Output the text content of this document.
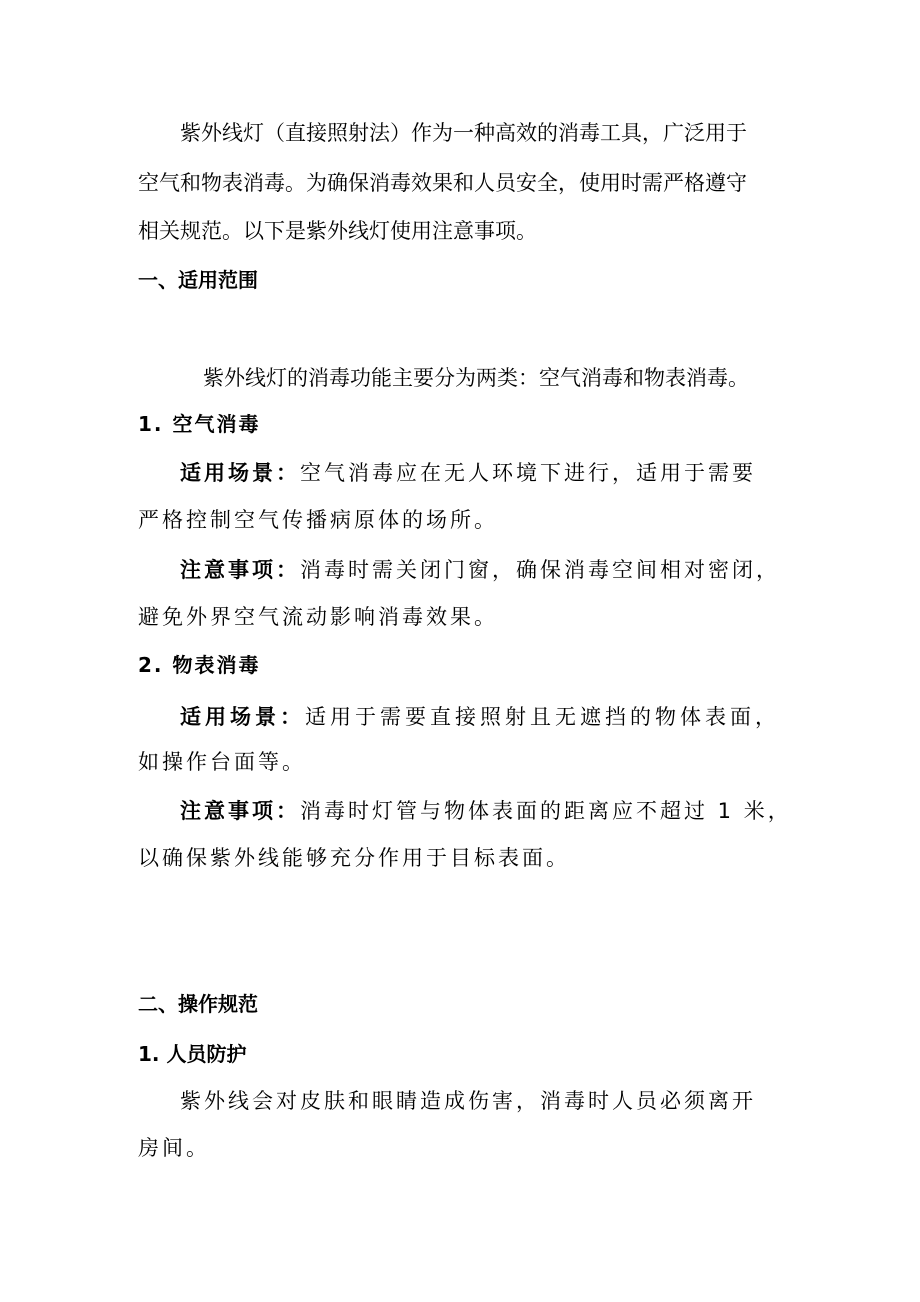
紫外线灯（直接照射法）作为一种高效的消毒工具，广泛用于

空气和物表消毒。为确保消毒效果和人员安全，使用时需严格遵守

相关规范。以下是紫外线灯使用注意事项。

一、适用范围

紫外线灯的消毒功能主要分为两类：空气消毒和物表消毒。

1. 空气消毒

适用场景：空气消毒应在无人环境下进行，适用于需要

严格控制空气传播病原体的场所。

注意事项：消毒时需关闭门窗，确保消毒空间相对密闭，

避免外界空气流动影响消毒效果。

2. 物表消毒

适用场景：适用于需要直接照射且无遮挡的物体表面，

如操作台面等。

注意事项：消毒时灯管与物体表面的距离应不超过 1 米，

以确保紫外线能够充分作用于目标表面。

二、操作规范

1. 人员防护

紫外线会对皮肤和眼睛造成伤害，消毒时人员必须离开

房间。
